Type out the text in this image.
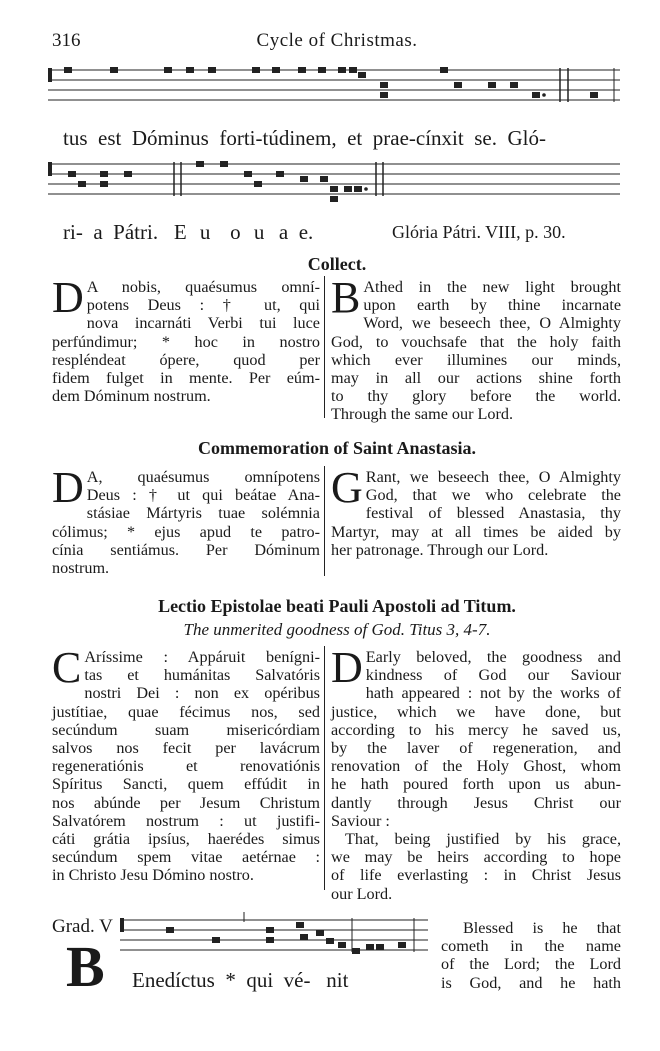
316	Cycle of Christmas.
tus est Dóminus forti-túdinem, et prae-cínxit se. Gló-
ri- a Pátri. E u o u a e.	Glória Pátri. VIII, p. 30.
Collect.
D A nobis, quaésumus omní-
potens Deus : † ut, qui
nova incarnáti Verbi tui luce
perfúndimur; * hoc in nostro
respléndeat ópere, quod per
fidem fulget in mente. Per eúm-
dem Dóminum nostrum.
B Athed in the new light brought
upon earth by thine incarnate
Word, we beseech thee, O Almighty
God, to vouchsafe that the holy faith
which ever illumines our minds,
may in all our actions shine forth
to thy glory before the world.
Through the same our Lord.
Commemoration of Saint Anastasia.
D A, quaésumus omnípotens
Deus : † ut qui beátae Ana-
stásiae Mártyris tuae solémnia
cólimus; * ejus apud te patro-
cínia sentiámus. Per Dóminum
nostrum.
G Rant, we beseech thee, O Almighty
God, that we who celebrate the
festival of blessed Anastasia, thy
Martyr, may at all times be aided by
her patronage. Through our Lord.
Lectio Epistolae beati Pauli Apostoli ad Titum.
The unmerited goodness of God. Titus 3, 4-7.
C Aríssime : Appáruit benígni-
tas et humánitas Salvatóris
nostri Dei : non ex opéribus
justítiae, quae fécimus nos, sed
secúndum suam misericórdiam
salvos nos fecit per lavácrum
regeneratiónis et renovatiónis
Spíritus Sancti, quem effúdit in
nos abúnde per Jesum Christum
Salvatórem nostrum : ut justifi-
cáti grátia ipsíus, haerédes simus
secúndum spem vitae aetérnae :
in Christo Jesu Dómino nostro.
D Early beloved, the goodness and
kindness of God our Saviour
hath appeared : not by the works of
justice, which we have done, but
according to his mercy he saved us,
by the laver of regeneration, and
renovation of the Holy Ghost, whom
he hath poured forth upon us abun-
dantly through Jesus Christ our
Saviour :
That, being justified by his grace,
we may be heirs according to hope
of life everlasting : in Christ Jesus
our Lord.
Grad. V
B Enedíctus * qui vé- nit
Blessed is he that
cometh in the name
of the Lord; the Lord
is God, and he hath
